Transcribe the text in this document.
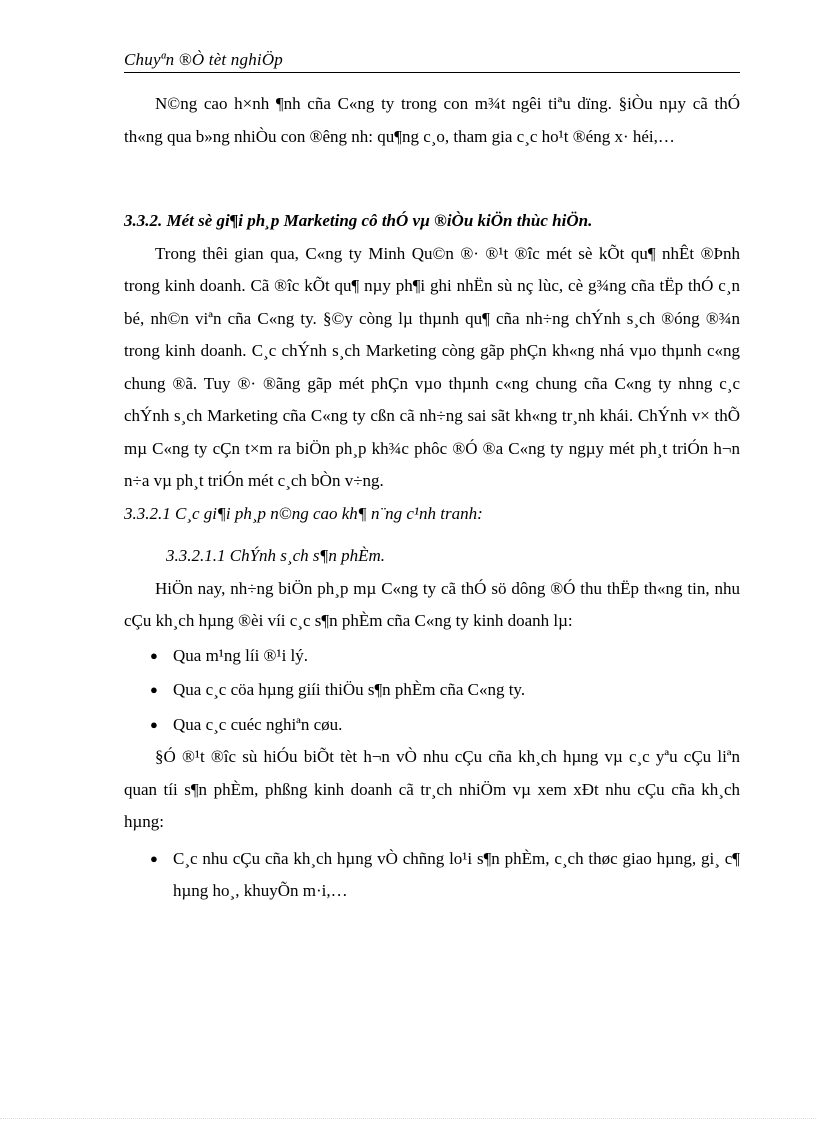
Chuyªn ®Ò tèt nghiÖp

N©ng cao h×nh ¶nh cña C«ng ty trong con m¾t ngêi tiªu dïng. §iÒu nµy cã thÓ th«ng qua b»ng nhiÒu con ®êng nh: qu¶ng c¸o, tham gia c¸c ho¹t ®éng x· héi,…

3.3.2. Mét sè gi¶i ph¸p Marketing cô thÓ vµ ®iÒu kiÖn thùc hiÖn.

Trong thêi gian qua, C«ng ty Minh Qu©n ®· ®¹t ®îc mét sè kÕt qu¶ nhÊt ®Þnh trong kinh doanh. Cã ®îc kÕt qu¶ nµy ph¶i ghi nhËn sù nç lùc, cè g¾ng cña tËp thÓ c¸n bé, nh©n viªn cña C«ng ty. §©y còng lµ thµnh qu¶ cña nh÷ng chÝnh s¸ch ®óng ®¾n trong kinh doanh. C¸c chÝnh s¸ch Marketing còng gãp phÇn kh«ng nhá vµo thµnh c«ng chung ®ã. Tuy ®· ®ãng gãp mét phÇn vµo thµnh c«ng chung cña C«ng ty nhng c¸c chÝnh s¸ch Marketing cña C«ng ty cßn cã nh÷ng sai sãt kh«ng tr¸nh khái. ChÝnh v× thÕ mµ C«ng ty cÇn t×m ra biÖn ph¸p kh¾c phôc ®Ó ®a C«ng ty ngµy mét ph¸t triÓn h¬n n÷a vµ ph¸t triÓn mét c¸ch bÒn v÷ng.

3.3.2.1 C¸c gi¶i ph¸p n©ng cao kh¶ n¨ng c¹nh tranh:

3.3.2.1.1 ChÝnh s¸ch s¶n phÈm.

HiÖn nay, nh÷ng biÖn ph¸p mµ C«ng ty cã thÓ sö dông ®Ó thu thËp th«ng tin, nhu cÇu kh¸ch hµng ®èi víi c¸c s¶n phÈm cña C«ng ty kinh doanh lµ:

● Qua m¹ng líi ®¹i lý.
● Qua c¸c cöa hµng giíi thiÖu s¶n phÈm cña C«ng ty.
● Qua c¸c cuéc nghiªn cøu.

§Ó ®¹t ®îc sù hiÓu biÕt tèt h¬n vÒ nhu cÇu cña kh¸ch hµng vµ c¸c yªu cÇu liªn quan tíi s¶n phÈm, phßng kinh doanh cã tr¸ch nhiÖm vµ xem xÐt nhu cÇu cña kh¸ch hµng:

● C¸c nhu cÇu cña kh¸ch hµng vÒ chñng lo¹i s¶n phÈm, c¸ch thøc giao hµng, gi¸ c¶ hµng ho¸, khuyÕn m·i,…
